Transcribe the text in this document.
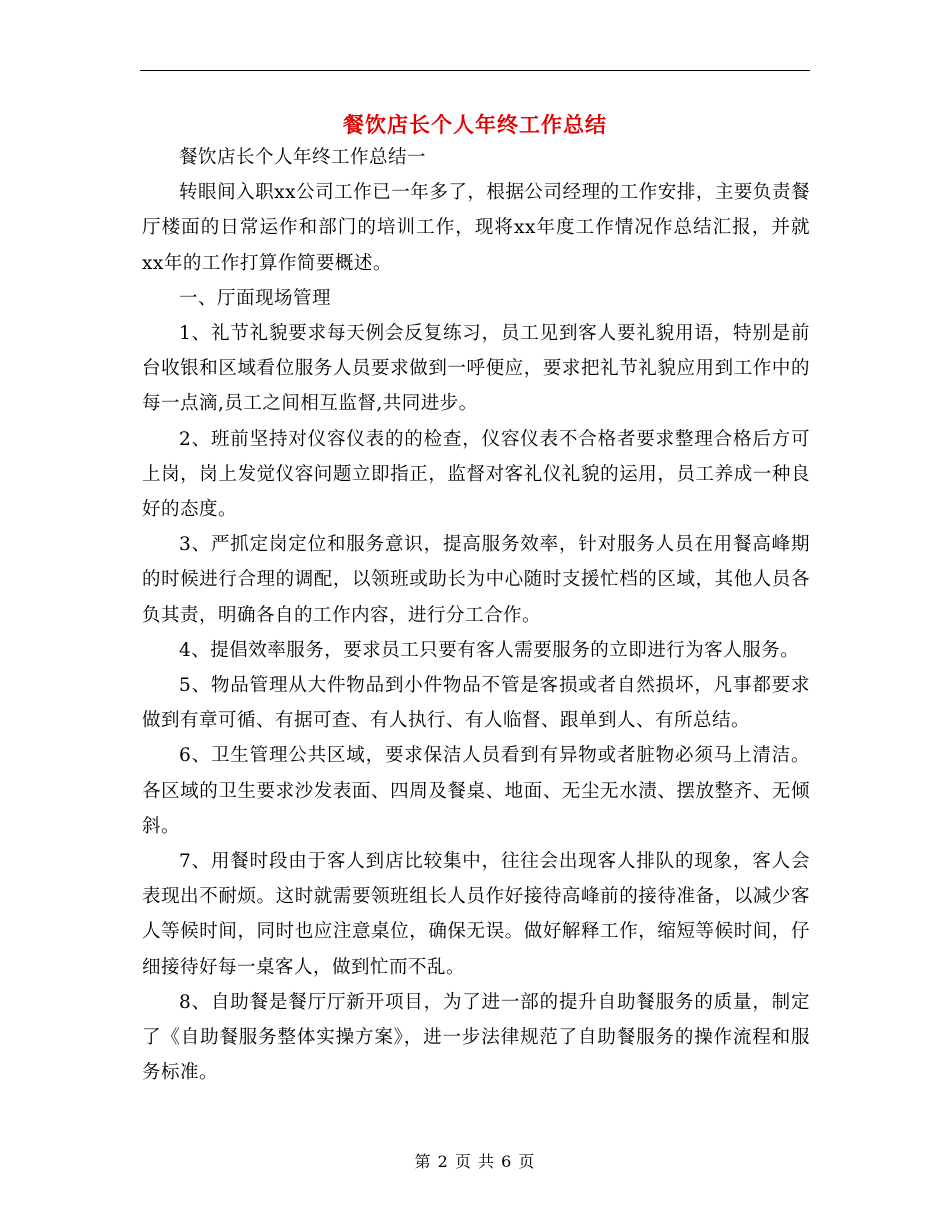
餐饮店长个人年终工作总结

餐饮店长个人年终工作总结一

转眼间入职xx公司工作已一年多了，根据公司经理的工作安排，主要负责餐厅楼面的日常运作和部门的培训工作，现将xx年度工作情况作总结汇报，并就xx年的工作打算作简要概述。

一、厅面现场管理

1、礼节礼貌要求每天例会反复练习，员工见到客人要礼貌用语，特别是前台收银和区域看位服务人员要求做到一呼便应，要求把礼节礼貌应用到工作中的每一点滴,员工之间相互监督,共同进步。

2、班前坚持对仪容仪表的的检查，仪容仪表不合格者要求整理合格后方可上岗，岗上发觉仪容问题立即指正，监督对客礼仪礼貌的运用，员工养成一种良好的态度。

3、严抓定岗定位和服务意识，提高服务效率，针对服务人员在用餐高峰期的时候进行合理的调配，以领班或助长为中心随时支援忙档的区域，其他人员各负其责，明确各自的工作内容，进行分工合作。

4、提倡效率服务，要求员工只要有客人需要服务的立即进行为客人服务。

5、物品管理从大件物品到小件物品不管是客损或者自然损坏，凡事都要求做到有章可循、有据可查、有人执行、有人临督、跟单到人、有所总结。

6、卫生管理公共区域，要求保洁人员看到有异物或者脏物必须马上清洁。各区域的卫生要求沙发表面、四周及餐桌、地面、无尘无水渍、摆放整齐、无倾斜。

7、用餐时段由于客人到店比较集中，往往会出现客人排队的现象，客人会表现出不耐烦。这时就需要领班组长人员作好接待高峰前的接待准备，以减少客人等候时间，同时也应注意桌位，确保无误。做好解释工作，缩短等候时间，仔细接待好每一桌客人，做到忙而不乱。

8、自助餐是餐厅厅新开项目，为了进一部的提升自助餐服务的质量，制定了《自助餐服务整体实操方案》，进一步法律规范了自助餐服务的操作流程和服务标准。

第 2 页 共 6 页
